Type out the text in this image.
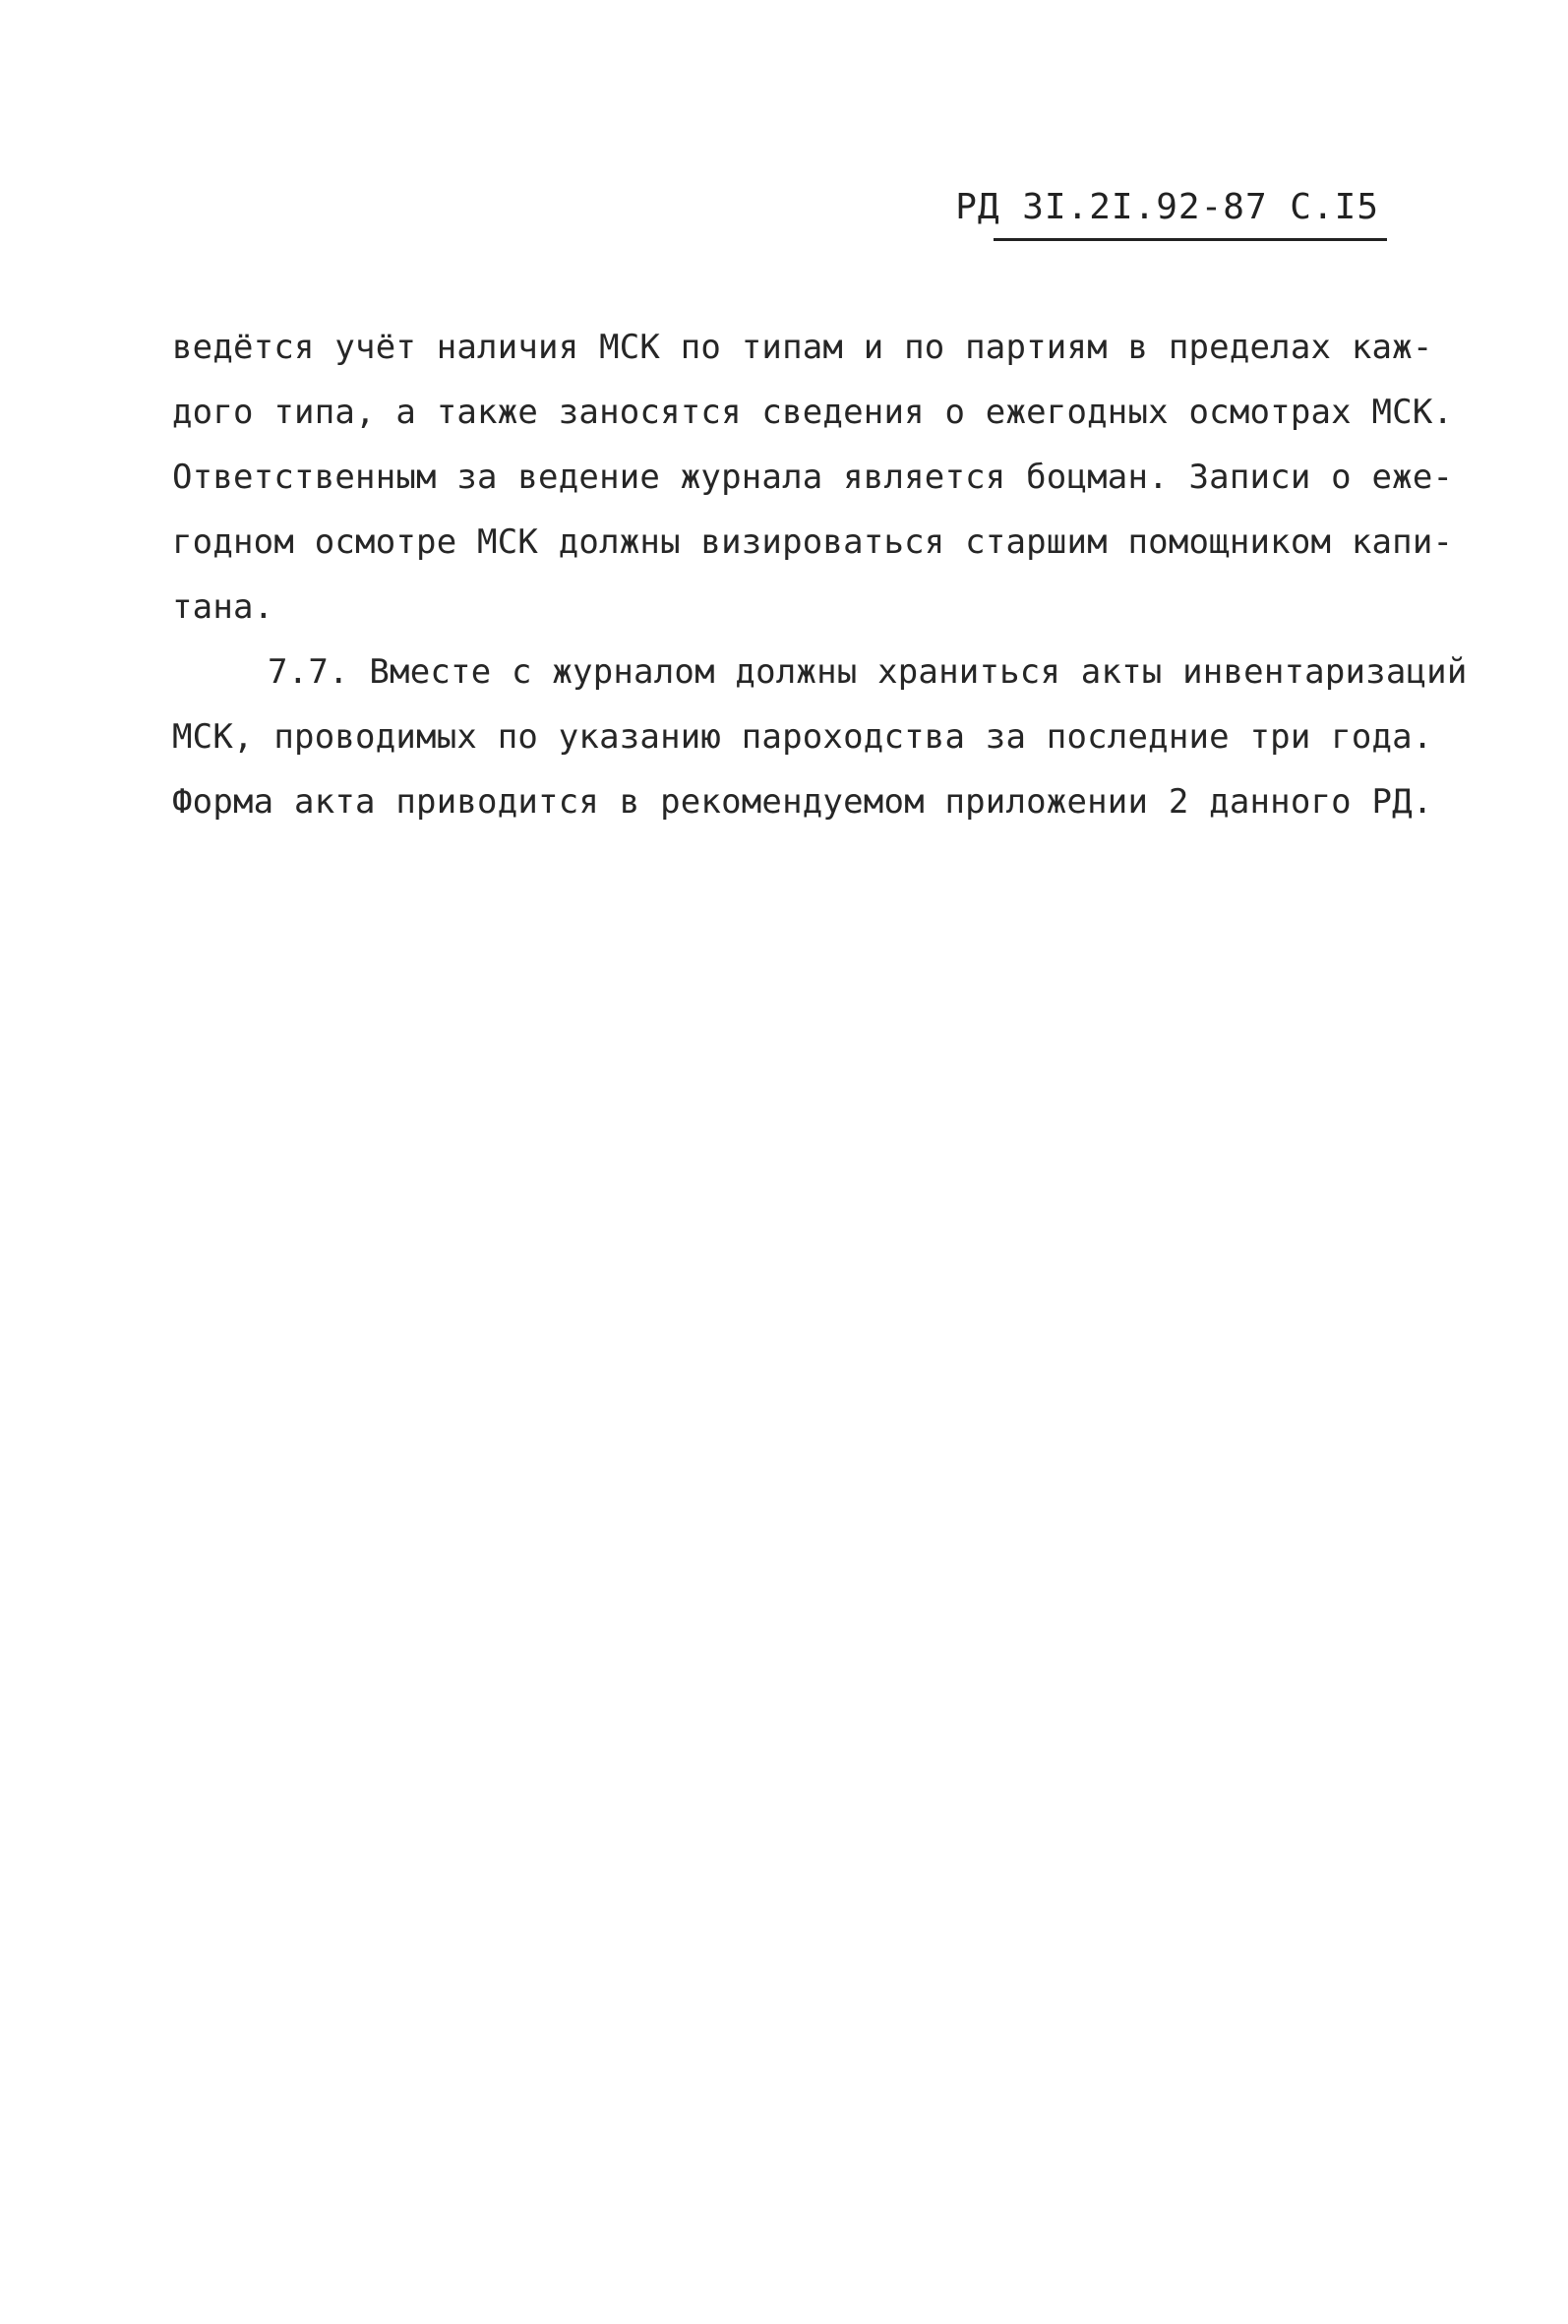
РД 3I.2I.92-87 С.I5
ведётся учёт наличия МСК по типам и по партиям в пределах каж-
дого типа, а также заносятся сведения о ежегодных осмотрах МСК.
Ответственным за ведение журнала является боцман. Записи о еже-
годном осмотре МСК должны визироваться старшим помощником капи-
тана.
7.7. Вместе с журналом должны храниться акты инвентаризаций
МСК, проводимых по указанию пароходства за последние три года.
Форма акта приводится в рекомендуемом приложении 2 данного РД.
